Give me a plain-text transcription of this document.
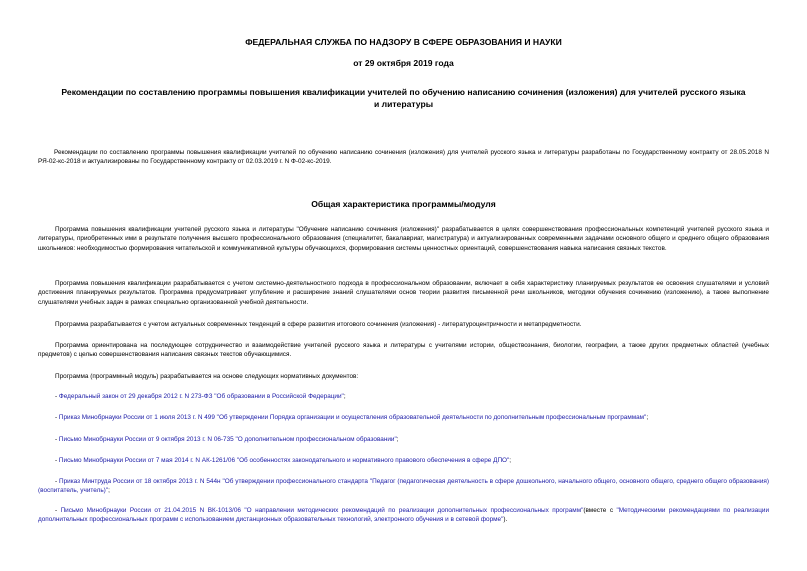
ФЕДЕРАЛЬНАЯ СЛУЖБА ПО НАДЗОРУ В СФЕРЕ ОБРАЗОВАНИЯ И НАУКИ
от 29 октября 2019 года
Рекомендации по составлению программы повышения квалификации учителей по обучению написанию сочинения (изложения) для учителей русского языка и литературы

Рекомендации по составлению программы повышения квалификации учителей по обучению написанию сочинения (изложения) для учителей русского языка и литературы разработаны по Государственному контракту от 28.05.2018 N РЯ-02-кс-2018 и актуализированы по Государственному контракту от 02.03.2019 г. N Ф-02-кс-2019.

Общая характеристика программы/модуля

Программа повышения квалификации учителей русского языка и литературы "Обучение написанию сочинения (изложения)" разрабатывается в целях совершенствования профессиональных компетенций учителей русского языка и литературы, приобретенных ими в результате получения высшего профессионального образования (специалитет, бакалавриат, магистратура) и актуализированных современными задачами основного общего и среднего общего образования школьников: необходимостью формирования читательской и коммуникативной культуры обучающихся, формирования системы ценностных ориентаций, совершенствования навыка написания связных текстов.

Программа повышения квалификации разрабатывается с учетом системно-деятельностного подхода в профессиональном образовании, включает в себя характеристику планируемых результатов ее освоения слушателями и условий достижения планируемых результатов. Программа предусматривает углубление и расширение знаний слушателями основ теории развития письменной речи школьников, методики обучения сочинению (изложению), а также выполнение слушателями учебных задач в рамках специально организованной учебной деятельности.

Программа разрабатывается с учетом актуальных современных тенденций в сфере развития итогового сочинения (изложения) - литературоцентричности и метапредметности.

Программа ориентирована на последующее сотрудничество и взаимодействие учителей русского языка и литературы с учителями истории, обществознания, биологии, географии, а также других предметных областей (учебных предметов) с целью совершенствования написания связных текстов обучающимися.

Программа (программный модуль) разрабатывается на основе следующих нормативных документов:

- Федеральный закон от 29 декабря 2012 г. N 273-ФЗ "Об образовании в Российской Федерации";

- Приказ Минобрнауки России от 1 июля 2013 г. N 499 "Об утверждении Порядка организации и осуществления образовательной деятельности по дополнительным профессиональным программам";

- Письмо Минобрнауки России от 9 октября 2013 г. N 06-735 "О дополнительном профессиональном образовании";

- Письмо Минобрнауки России от 7 мая 2014 г. N АК-1261/06 "Об особенностях законодательного и нормативного правового обеспечения в сфере ДПО";

- Приказ Минтруда России от 18 октября 2013 г. N 544н "Об утверждении профессионального стандарта "Педагог (педагогическая деятельность в сфере дошкольного, начального общего, основного общего, среднего общего образования) (воспитатель, учитель)";

- Письмо Минобрнауки России от 21.04.2015 N ВК-1013/06 "О направлении методических рекомендаций по реализации дополнительных профессиональных программ"(вместе с "Методическими рекомендациями по реализации дополнительных профессиональных программ с использованием дистанционных образовательных технологий, электронного обучения и в сетевой форме").
